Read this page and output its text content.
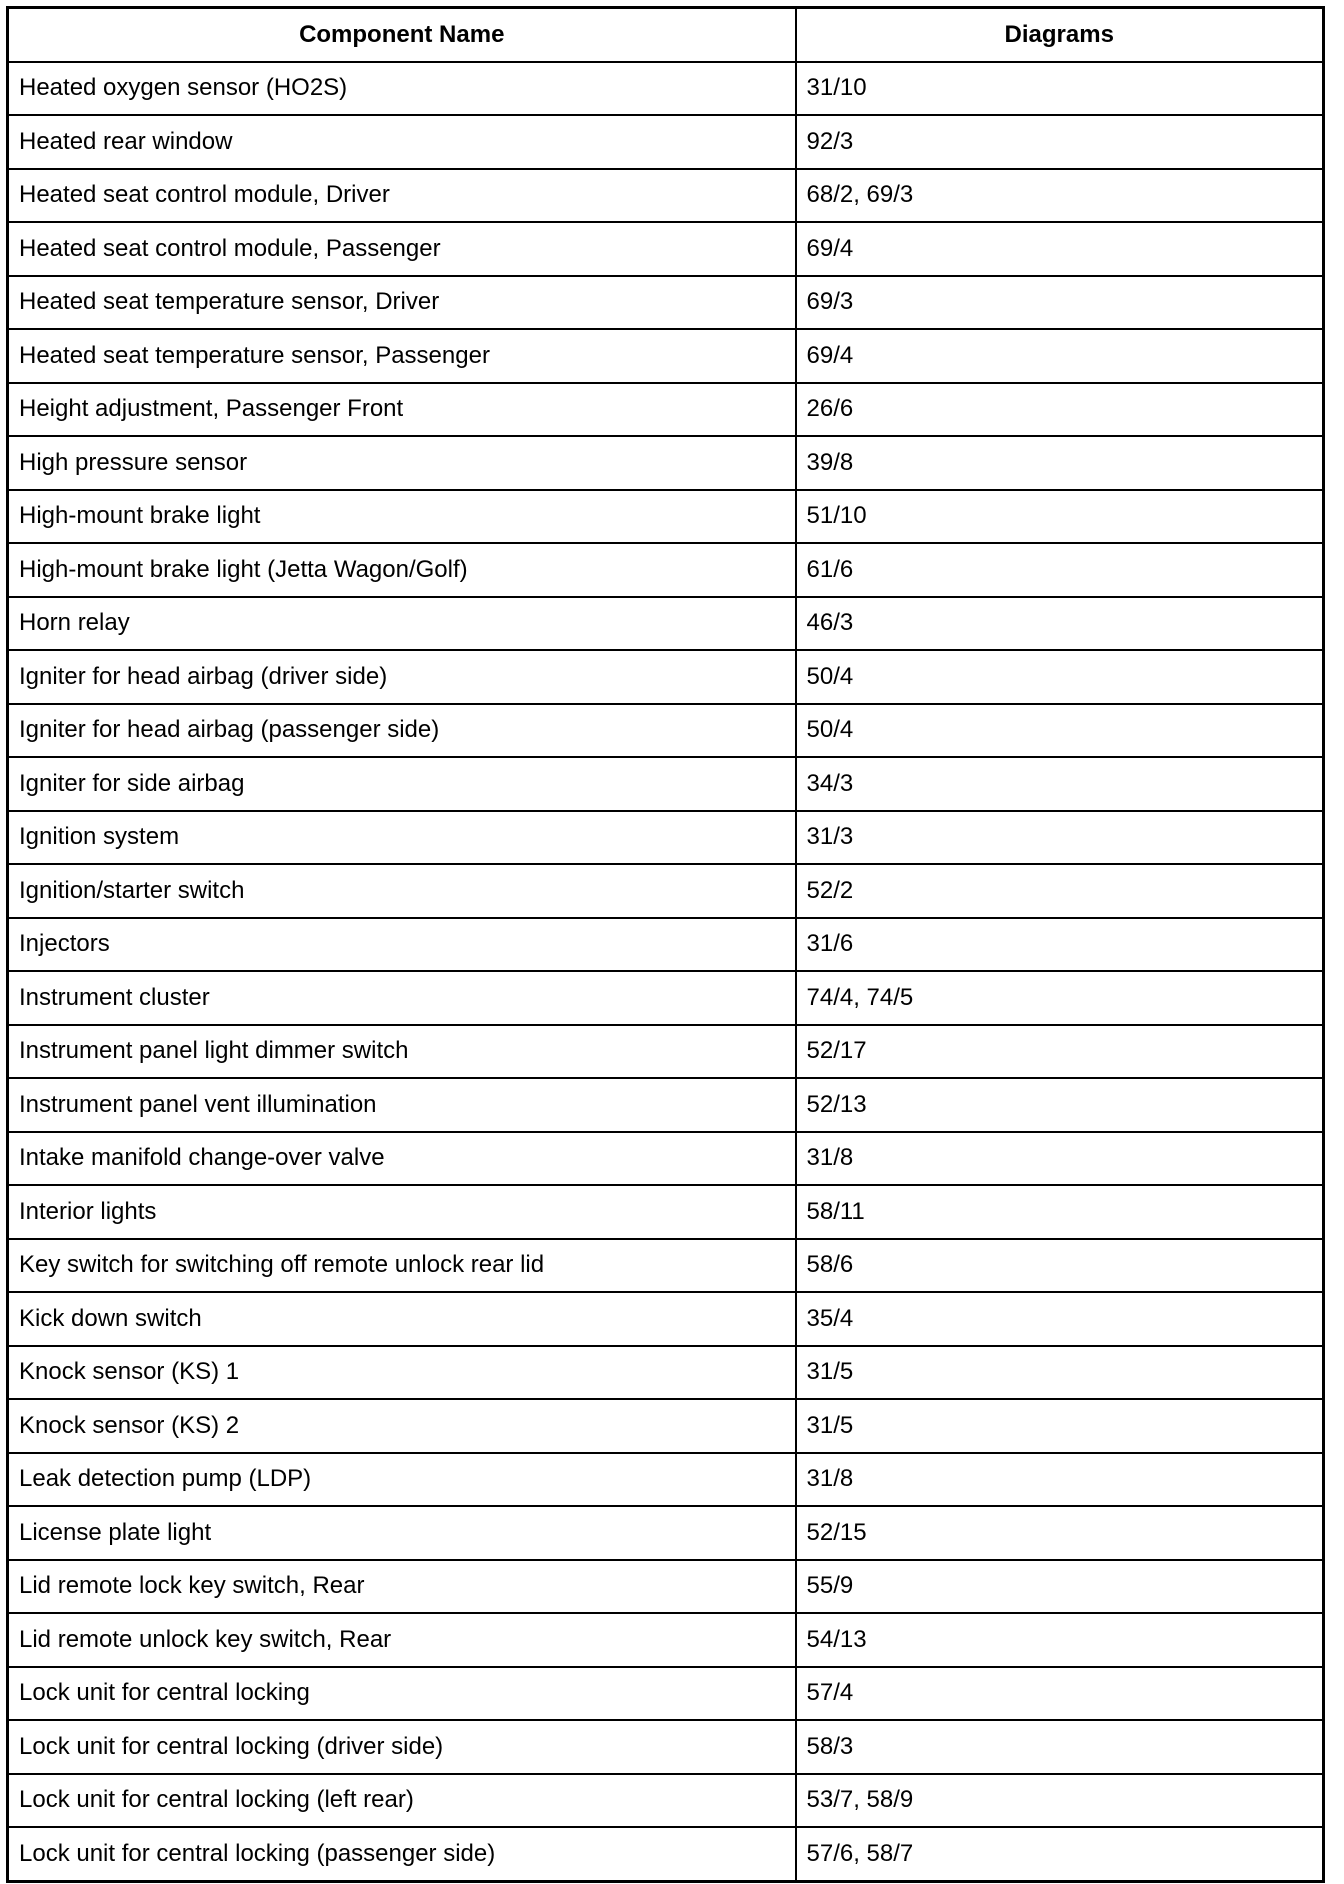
Component Name	Diagrams
Heated oxygen sensor (HO2S)	31/10
Heated rear window	92/3
Heated seat control module, Driver	68/2, 69/3
Heated seat control module, Passenger	69/4
Heated seat temperature sensor, Driver	69/3
Heated seat temperature sensor, Passenger	69/4
Height adjustment, Passenger Front	26/6
High pressure sensor	39/8
High-mount brake light	51/10
High-mount brake light (Jetta Wagon/Golf)	61/6
Horn relay	46/3
Igniter for head airbag (driver side)	50/4
Igniter for head airbag (passenger side)	50/4
Igniter for side airbag	34/3
Ignition system	31/3
Ignition/starter switch	52/2
Injectors	31/6
Instrument cluster	74/4, 74/5
Instrument panel light dimmer switch	52/17
Instrument panel vent illumination	52/13
Intake manifold change-over valve	31/8
Interior lights	58/11
Key switch for switching off remote unlock rear lid	58/6
Kick down switch	35/4
Knock sensor (KS) 1	31/5
Knock sensor (KS) 2	31/5
Leak detection pump (LDP)	31/8
License plate light	52/15
Lid remote lock key switch, Rear	55/9
Lid remote unlock key switch, Rear	54/13
Lock unit for central locking	57/4
Lock unit for central locking (driver side)	58/3
Lock unit for central locking (left rear)	53/7, 58/9
Lock unit for central locking (passenger side)	57/6, 58/7
